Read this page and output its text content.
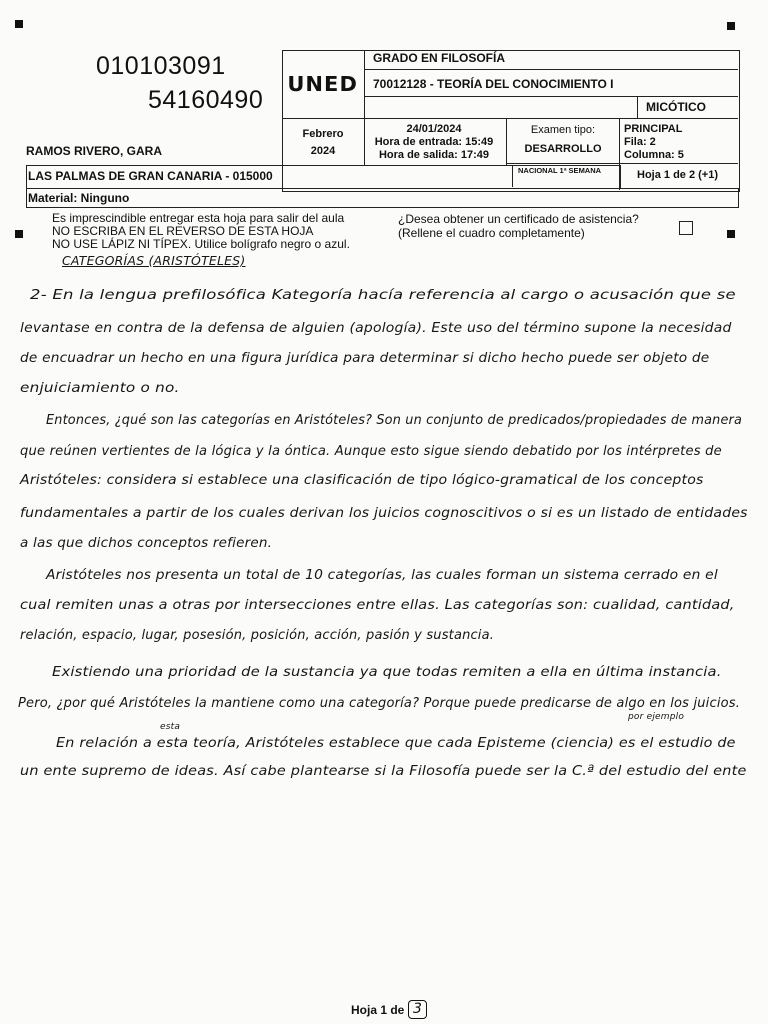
010103091
54160490
RAMOS RIVERO, GARA
UNED
GRADO EN FILOSOFÍA
70012128 - TEORÍA DEL CONOCIMIENTO I
MICÓTICO
Febrero
2024
24/01/2024
Hora de entrada: 15:49
Hora de salida: 17:49
Examen tipo:
DESARROLLO
PRINCIPAL
Fila: 2
Columna: 5
LAS PALMAS DE GRAN CANARIA - 015000	NACIONAL 1ª SEMANA	Hoja 1 de 2 (+1)
Material: Ninguno
Es imprescindible entregar esta hoja para salir del aula
NO ESCRIBA EN EL REVERSO DE ESTA HOJA
NO USE LÁPIZ NI TÍPEX. Utilice bolígrafo negro o azul.
¿Desea obtener un certificado de asistencia?
(Rellene el cuadro completamente)
CATEGORÍAS (ARISTÓTELES)
por ejemplo
esta
2- En la lengua prefilosófica Kategoría hacía referencia al cargo o acusación que se
levantase en contra de la defensa de alguien (apología). Este uso del término supone la necesidad
de encuadrar un hecho en una figura jurídica para determinar si dicho hecho puede ser objeto de
enjuiciamiento o no.
Entonces, ¿qué son las categorías en Aristóteles? Son un conjunto de predicados/propiedades de manera
que reúnen vertientes de la lógica y la óntica. Aunque esto sigue siendo debatido por los intérpretes de
Aristóteles: considera si establece una clasificación de tipo lógico-gramatical de los conceptos
fundamentales a partir de los cuales derivan los juicios cognoscitivos o si es un listado de entidades
a las que dichos conceptos refieren.
Aristóteles nos presenta un total de 10 categorías, las cuales forman un sistema cerrado en el
cual remiten unas a otras por intersecciones entre ellas. Las categorías son: cualidad, cantidad,
relación, espacio, lugar, posesión, posición, acción, pasión y sustancia.
Existiendo una prioridad de la sustancia ya que todas remiten a ella en última instancia.
Pero, ¿por qué Aristóteles la mantiene como una categoría? Porque puede predicarse de algo en los juicios.
En relación a esta teoría, Aristóteles establece que cada Episteme (ciencia) es el estudio de
un ente supremo de ideas. Así cabe plantearse si la Filosofía puede ser la C.ª del estudio del ente
Hoja 1 de 3
